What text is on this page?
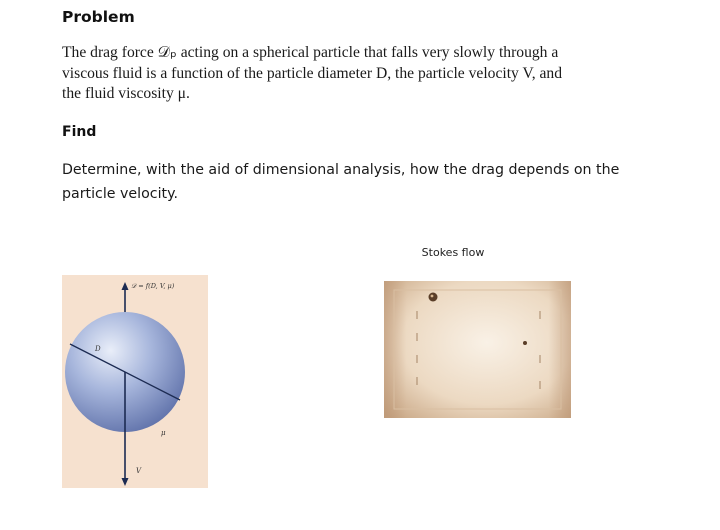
Problem
The drag force 𝒟ₚ acting on a spherical particle that falls very slowly through a
viscous fluid is a function of the particle diameter D, the particle velocity V, and
the fluid viscosity μ.
Find
Determine, with the aid of dimensional analysis, how the drag depends on the
particle velocity.
𝒟 = f(D, V, μ)
D
μ
V
Stokes flow
